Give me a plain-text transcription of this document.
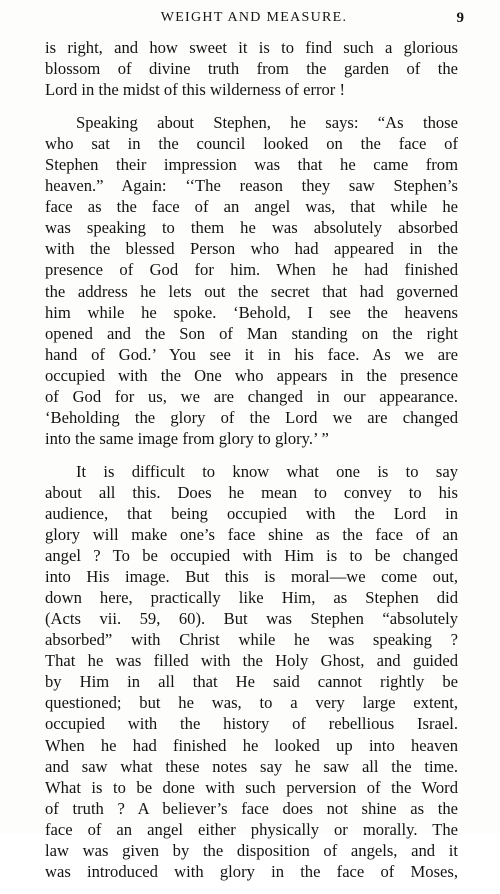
WEIGHT AND MEASURE.	9
is right, and how sweet it is to find such a glorious
blossom of divine truth from the garden of the
Lord in the midst of this wilderness of error !
Speaking about Stephen, he says: “As those
who sat in the council looked on the face of
Stephen their impression was that he came from
heaven.” Again: ‘‘The reason they saw Stephen’s
face as the face of an angel was, that while he
was speaking to them he was absolutely absorbed
with the blessed Person who had appeared in the
presence of God for him. When he had finished
the address he lets out the secret that had governed
him while he spoke. ‘Behold, I see the heavens
opened and the Son of Man standing on the right
hand of God.’ You see it in his face. As we are
occupied with the One who appears in the presence
of God for us, we are changed in our appearance.
‘Beholding the glory of the Lord we are changed
into the same image from glory to glory.’ ”
It is difficult to know what one is to say
about all this. Does he mean to convey to his
audience, that being occupied with the Lord in
glory will make one’s face shine as the face of an
angel ? To be occupied with Him is to be changed
into His image. But this is moral—we come out,
down here, practically like Him, as Stephen did
(Acts vii. 59, 60). But was Stephen “absolutely
absorbed” with Christ while he was speaking ?
That he was filled with the Holy Ghost, and guided
by Him in all that He said cannot rightly be
questioned; but he was, to a very large extent,
occupied with the history of rebellious Israel.
When he had finished he looked up into heaven
and saw what these notes say he saw all the time.
What is to be done with such perversion of the Word
of truth ? A believer’s face does not shine as the
face of an angel either physically or morally. The
law was given by the disposition of angels, and it
was introduced with glory in the face of Moses,
